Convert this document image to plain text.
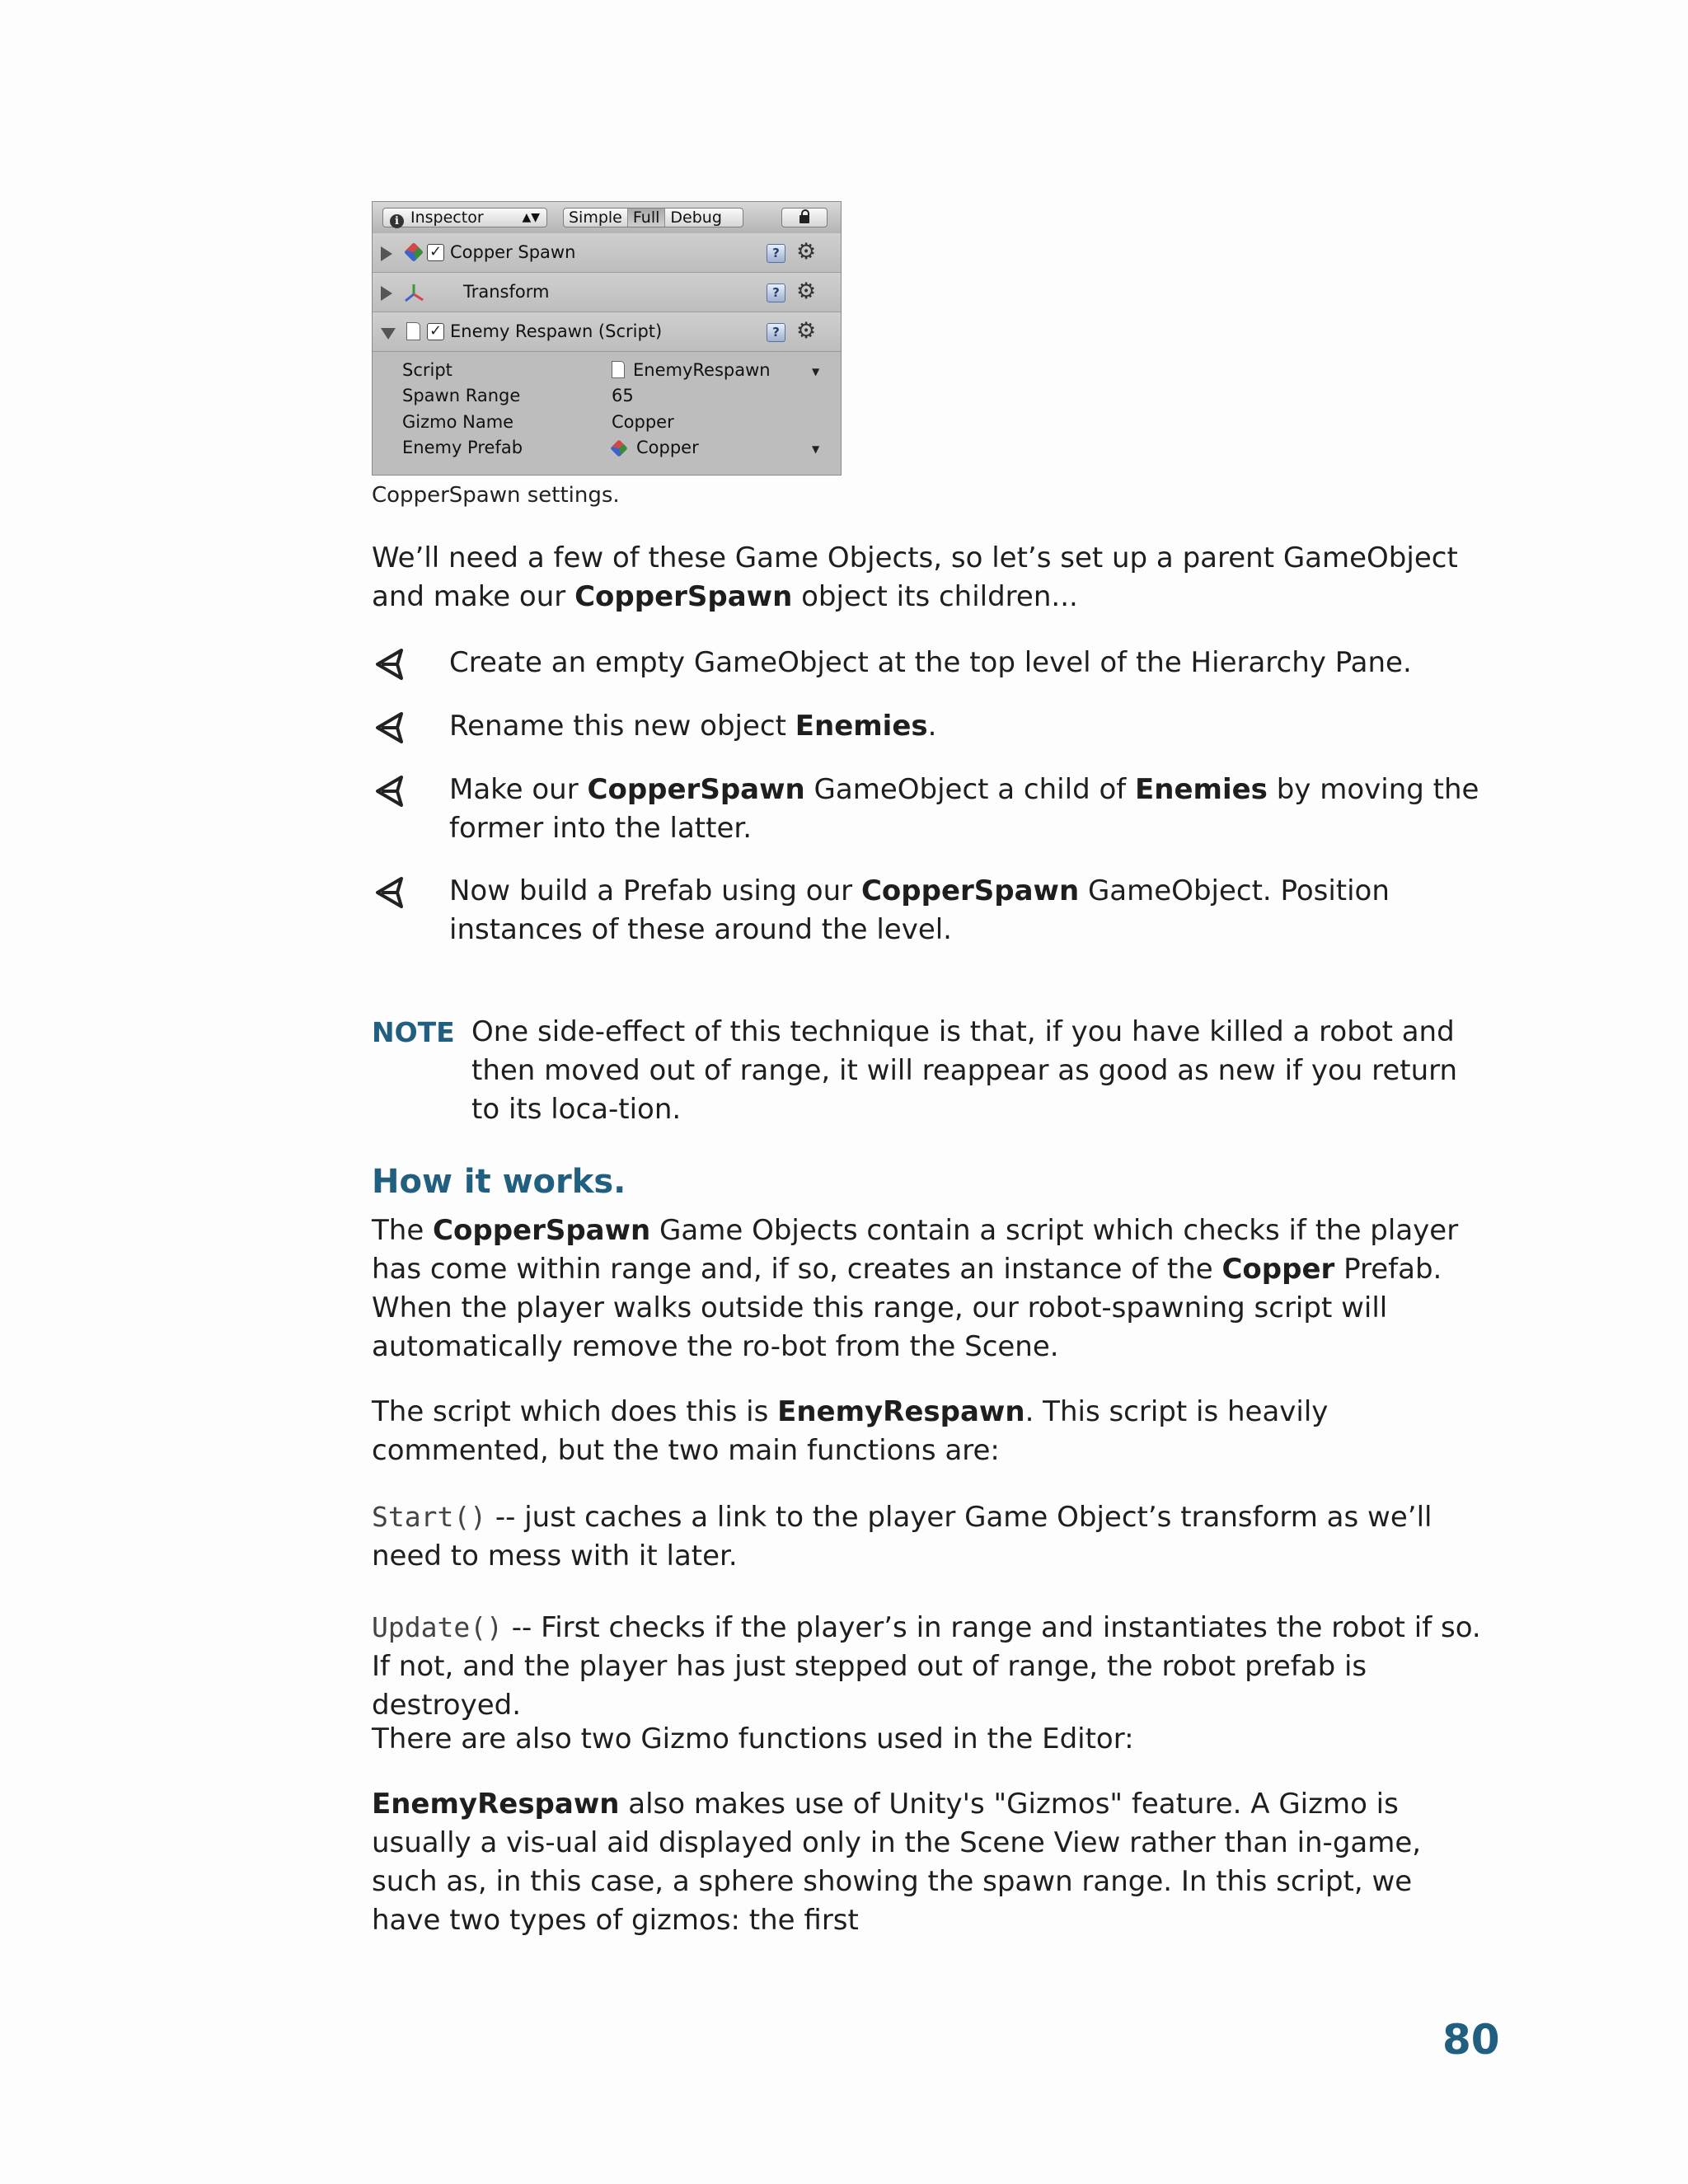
i Inspector	▲▼	Simple Full Debug
✓ Copper Spawn	? ⚙
Transform	? ⚙
✓ Enemy Respawn (Script)	? ⚙
Script	EnemyRespawn	▼
Spawn Range	65
Gizmo Name	Copper
Enemy Prefab	Copper	▼
CopperSpawn settings.

We’ll need a few of these Game Objects, so let’s set up a parent GameObject and make our CopperSpawn object its children...

Create an empty GameObject at the top level of the Hierarchy Pane.

Rename this new object Enemies.

Make our CopperSpawn GameObject a child of Enemies by moving the former into the latter.

Now build a Prefab using our CopperSpawn GameObject. Position instances of these around the level.

NOTE One side-effect of this technique is that, if you have killed a robot and then moved out of range, it will reappear as good as new if you return to its loca-tion.

How it works.

The CopperSpawn Game Objects contain a script which checks if the player has come within range and, if so, creates an instance of the Copper Prefab. When the player walks outside this range, our robot-spawning script will automatically remove the ro-bot from the Scene.

The script which does this is EnemyRespawn. This script is heavily commented, but the two main functions are:

Start() -- just caches a link to the player Game Object’s transform as we’ll need to mess with it later.

Update() -- First checks if the player’s in range and instantiates the robot if so. If not, and the player has just stepped out of range, the robot prefab is destroyed.

There are also two Gizmo functions used in the Editor:

EnemyRespawn also makes use of Unity's "Gizmos" feature. A Gizmo is usually a vis-ual aid displayed only in the Scene View rather than in-game, such as, in this case, a sphere showing the spawn range. In this script, we have two types of gizmos: the first

80
